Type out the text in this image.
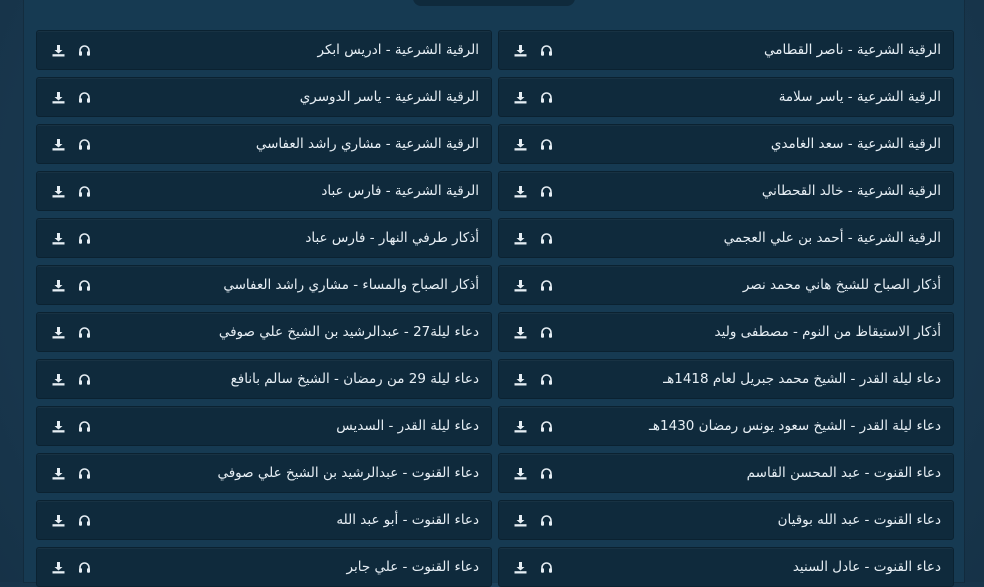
الرقية الشرعية - ناصر القطامي
الرقية الشرعية - ادريس ابكر
الرقية الشرعية - ياسر سلامة
الرقية الشرعية - ياسر الدوسري
الرقية الشرعية - سعد الغامدي
الرقية الشرعية - مشاري راشد العفاسي
الرقية الشرعية - خالد القحطاني
الرقية الشرعية - فارس عباد
الرقية الشرعية - أحمد بن علي العجمي
أذكار طرفي النهار - فارس عباد
أذكار الصباح للشيخ هاني محمد نصر
أذكار الصباح والمساء - مشاري راشد العفاسي
أذكار الاستيقاظ من النوم - مصطفى وليد
دعاء ليلة27 - عبدالرشيد بن الشيخ علي صوفي
دعاء ليلة القدر - الشيخ محمد جبريل لعام 1418هـ
دعاء ليلة 29 من رمضان - الشيخ سالم بانافع
دعاء ليلة القدر - الشيخ سعود يونس رمضان 1430هـ
دعاء ليلة القدر - السديس
دعاء القنوت - عبد المحسن القاسم
دعاء القنوت - عبدالرشيد بن الشيخ علي صوفي
دعاء القنوت - عبد الله بوقيان
دعاء القنوت - أبو عبد الله
دعاء القنوت - عادل السنيد
دعاء القنوت - علي جابر
